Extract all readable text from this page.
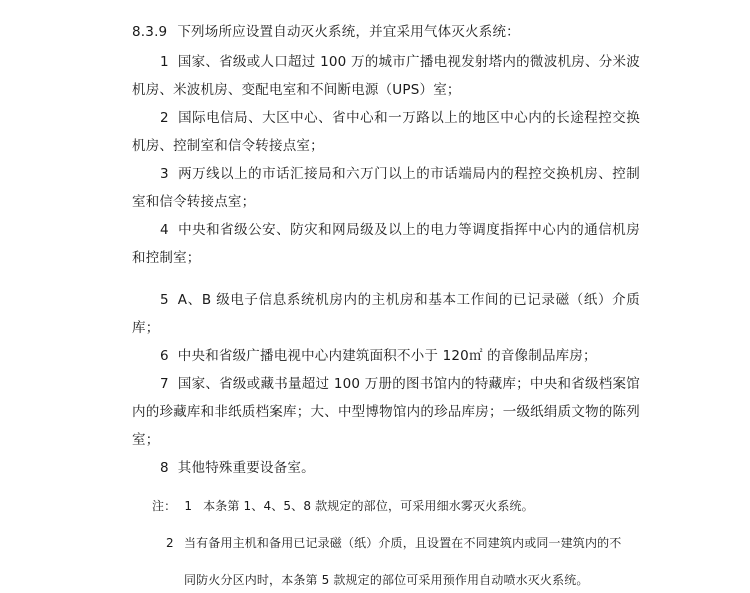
8.3.9 下列场所应设置自动灭火系统，并宜采用气体灭火系统：

1 国家、省级或人口超过 100 万的城市广播电视发射塔内的微波机房、分米波机房、米波机房、变配电室和不间断电源（UPS）室；

2 国际电信局、大区中心、省中心和一万路以上的地区中心内的长途程控交换机房、控制室和信令转接点室；

3 两万线以上的市话汇接局和六万门以上的市话端局内的程控交换机房、控制室和信令转接点室；

4 中央和省级公安、防灾和网局级及以上的电力等调度指挥中心内的通信机房和控制室；

5 A、B 级电子信息系统机房内的主机房和基本工作间的已记录磁（纸）介质库；

6 中央和省级广播电视中心内建筑面积不小于 120㎡ 的音像制品库房；

7 国家、省级或藏书量超过 100 万册的图书馆内的特藏库；中央和省级档案馆内的珍藏库和非纸质档案库；大、中型博物馆内的珍品库房；一级纸绢质文物的陈列室；

8 其他特殊重要设备室。

注： 1 本条第 1、4、5、8 款规定的部位，可采用细水雾灭火系统。

2 当有备用主机和备用已记录磁（纸）介质，且设置在不同建筑内或同一建筑内的不

同防火分区内时，本条第 5 款规定的部位可采用预作用自动喷水灭火系统。
